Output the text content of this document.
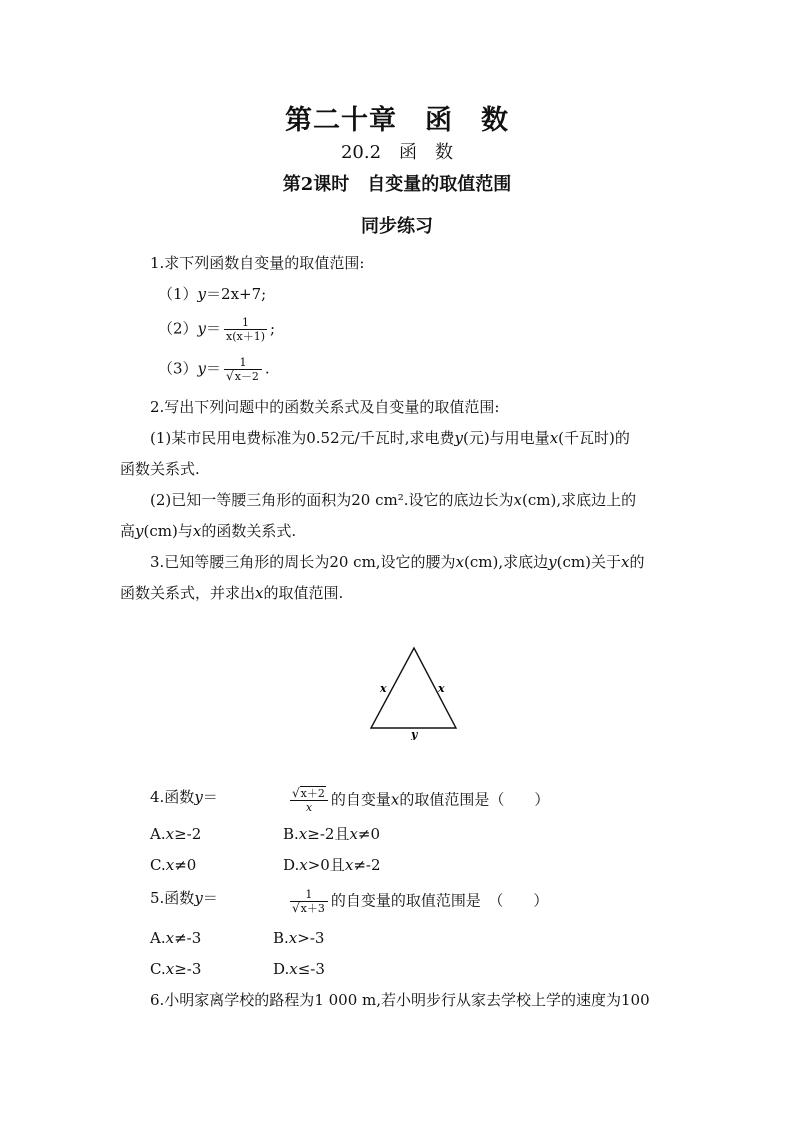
第二十章　函　数
20.2　函　数
第2课时　自变量的取值范围
同步练习
1.求下列函数自变量的取值范围:
（1）y＝2x+7;
$(2)y= \frac{1}{x(x+1)}$ ;
（3）y＝ 1
√ x－2 .
2.写出下列问题中的函数关系式及自变量的取值范围:
(1)某市民用电费标准为0.52元/千瓦时,求电费y(元)与用电量x(千瓦时)的
函数关系式.
(2)已知一等腰三角形的面积为20 cm².设它的底边长为x(cm),求底边上的
高y(cm)与x的函数关系式.
3.已知等腰三角形的周长为20 cm,设它的腰为x(cm),求底边y(cm)关于x的
函数关系式，并求出x的取值范围.
x	x
y
4.函数y＝
√	$\frac{x+2}{x}$ 的自变量x的取值范围是（　　）
A.x≥-2	B.x≥-2且x≠0
C.x≠0	D.x>0且x≠-2
5.函数y＝	1
√ x＋3 的自变量的取值范围是　（　　）
A.x≠-3	B.x>-3
C.x≥-3	D.x≤-3
6.小明家离学校的路程为1 000 m,若小明步行从家去学校上学的速度为100
